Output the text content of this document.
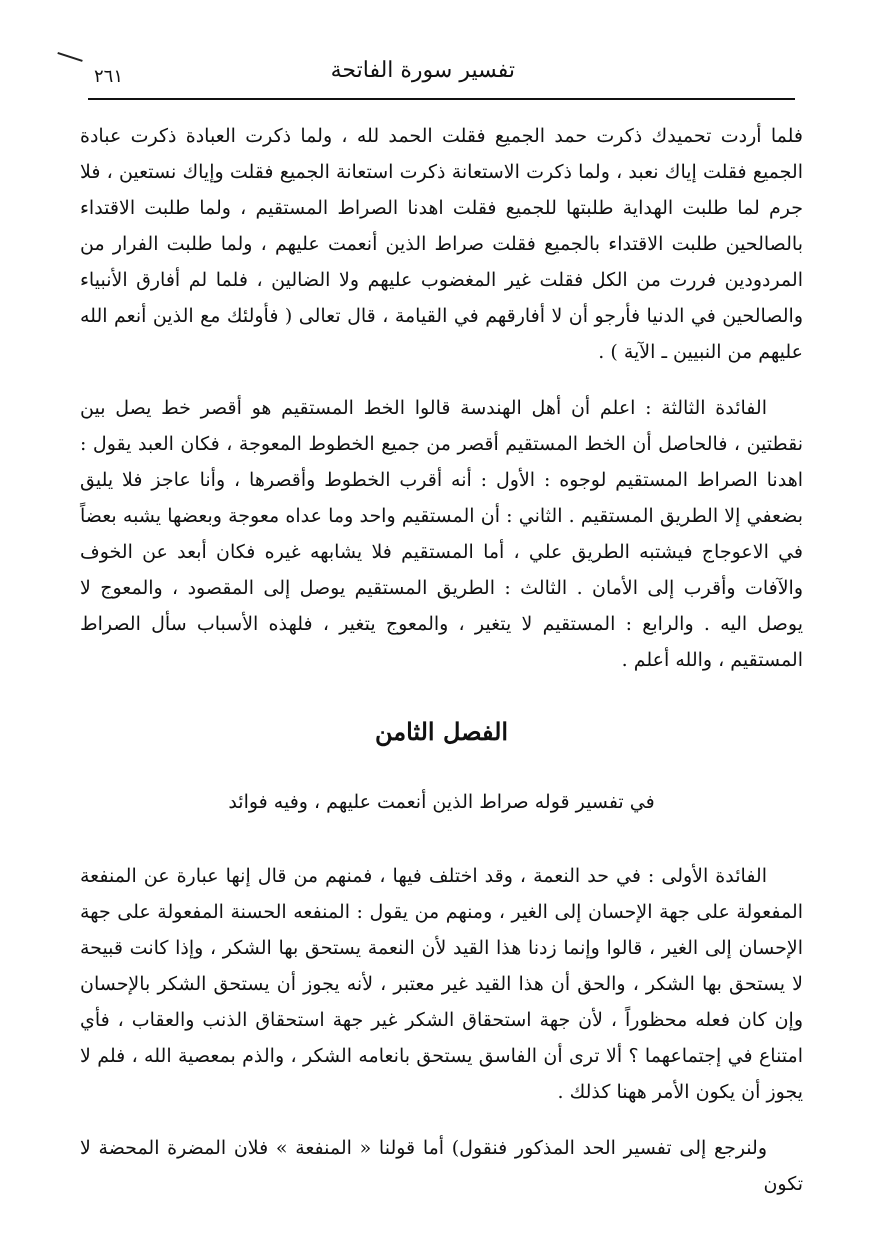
تفسير سورة الفاتحة
٢٦١

فلما أردت تحميدك ذكرت حمد الجميع فقلت الحمد لله ، ولما ذكرت العبادة ذكرت عبادة الجميع فقلت إياك نعبد ، ولما ذكرت الاستعانة ذكرت استعانة الجميع فقلت وإياك نستعين ، فلا جرم لما طلبت الهداية طلبتها للجميع فقلت اهدنا الصراط المستقيم ، ولما طلبت الاقتداء بالصالحين طلبت الاقتداء بالجميع فقلت صراط الذين أنعمت عليهم ، ولما طلبت الفرار من المردودين فررت من الكل فقلت غير المغضوب عليهم ولا الضالين ، فلما لم أفارق الأنبياء والصالحين في الدنيا فأرجو أن لا أفارقهم في القيامة ، قال تعالى ( فأولئك مع الذين أنعم الله عليهم من النبيين ـ الآية ) .

الفائدة الثالثة : اعلم أن أهل الهندسة قالوا الخط المستقيم هو أقصر خط يصل بين نقطتين ، فالحاصل أن الخط المستقيم أقصر من جميع الخطوط المعوجة ، فكان العبد يقول : اهدنا الصراط المستقيم لوجوه : الأول : أنه أقرب الخطوط وأقصرها ، وأنا عاجز فلا يليق بضعفي إلا الطريق المستقيم . الثاني : أن المستقيم واحد وما عداه معوجة وبعضها يشبه بعضاً في الاعوجاج فيشتبه الطريق علي ، أما المستقيم فلا يشابهه غيره فكان أبعد عن الخوف والآفات وأقرب إلى الأمان . الثالث : الطريق المستقيم يوصل إلى المقصود ، والمعوج لا يوصل اليه . والرابع : المستقيم لا يتغير ، والمعوج يتغير ، فلهذه الأسباب سأل الصراط المستقيم ، والله أعلم .

الفصل الثامن

في تفسير قوله صراط الذين أنعمت عليهم ، وفيه فوائد

الفائدة الأولى : في حد النعمة ، وقد اختلف فيها ، فمنهم من قال إنها عبارة عن المنفعة المفعولة على جهة الإحسان إلى الغير ، ومنهم من يقول : المنفعه الحسنة المفعولة على جهة الإحسان إلى الغير ، قالوا وإنما زدنا هذا القيد لأن النعمة يستحق بها الشكر ، وإذا كانت قبيحة لا يستحق بها الشكر ، والحق أن هذا القيد غير معتبر ، لأنه يجوز أن يستحق الشكر بالإحسان وإن كان فعله محظوراً ، لأن جهة استحقاق الشكر غير جهة استحقاق الذنب والعقاب ، فأي امتناع في إجتماعهما ؟ ألا ترى أن الفاسق يستحق بانعامه الشكر ، والذم بمعصية الله ، فلم لا يجوز أن يكون الأمر ههنا كذلك .

ولنرجع إلى تفسير الحد المذكور فنقول) أما قولنا « المنفعة » فلان المضرة المحضة لا تكون
